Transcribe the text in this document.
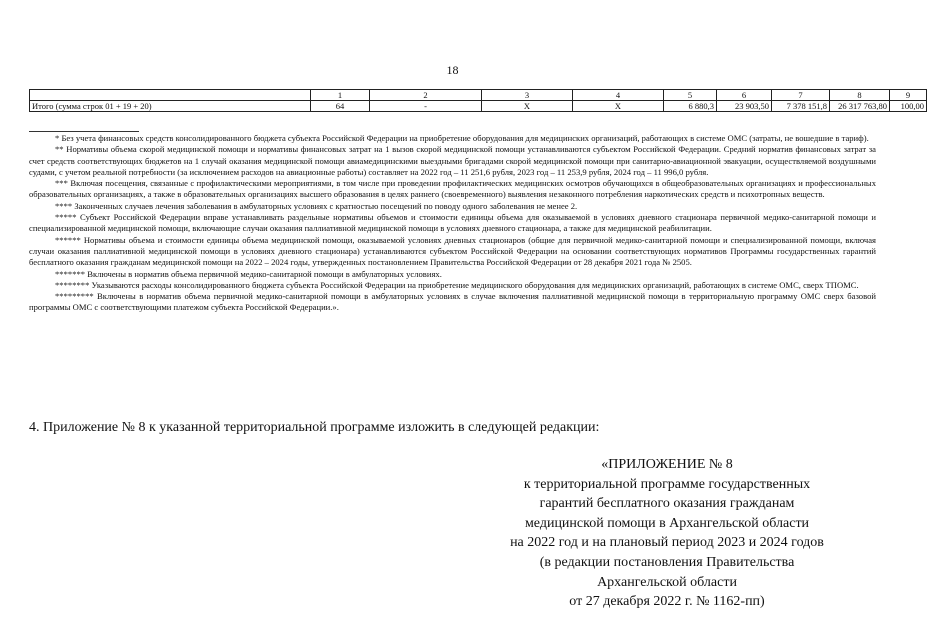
18
	1	2	3	4	5	6	7	8	9
Итого (сумма строк 01 + 19 + 20)	64	-	X	X	6 880,3	23 903,50	7 378 151,8	26 317 763,80	100,00

* Без учета финансовых средств консолидированного бюджета субъекта Российской Федерации на приобретение оборудования для медицинских организаций, работающих в системе ОМС (затраты, не вошедшие в тариф).

** Нормативы объема скорой медицинской помощи и нормативы финансовых затрат на 1 вызов скорой медицинской помощи устанавливаются субъектом Российской Федерации. Средний норматив финансовых затрат за счет средств соответствующих бюджетов на 1 случай оказания медицинской помощи авиамедицинскими выездными бригадами скорой медицинской помощи при санитарно-авиационной эвакуации, осуществляемой воздушными судами, с учетом реальной потребности (за исключением расходов на авиационные работы) составляет на 2022 год – 11 251,6 рубля, 2023 год – 11 253,9 рубля, 2024 год – 11 996,0 рубля.

*** Включая посещения, связанные с профилактическими мероприятиями, в том числе при проведении профилактических медицинских осмотров обучающихся в общеобразовательных организациях и профессиональных образовательных организациях, а также в образовательных организациях высшего образования в целях раннего (своевременного) выявления незаконного потребления наркотических средств и психотропных веществ.

**** Законченных случаев лечения заболевания в амбулаторных условиях с кратностью посещений по поводу одного заболевания не менее 2.

***** Субъект Российской Федерации вправе устанавливать раздельные нормативы объемов и стоимости единицы объема для оказываемой в условиях дневного стационара первичной медико-санитарной помощи и специализированной медицинской помощи, включающие случаи оказания паллиативной медицинской помощи в условиях дневного стационара, а также для медицинской реабилитации.

****** Нормативы объема и стоимости единицы объема медицинской помощи, оказываемой условиях дневных стационаров (общие для первичной медико-санитарной помощи и специализированной помощи, включая случаи оказания паллиативной медицинской помощи в условиях дневного стационара) устанавливаются субъектом Российской Федерации на основании соответствующих нормативов Программы государственных гарантий бесплатного оказания гражданам медицинской помощи на 2022 – 2024 годы, утвержденных постановлением Правительства Российской Федерации от 28 декабря 2021 года № 2505.

******* Включены в норматив объема первичной медико-санитарной помощи в амбулаторных условиях.

******** Указываются расходы консолидированного бюджета субъекта Российской Федерации на приобретение медицинского оборудования для медицинских организаций, работающих в системе ОМС, сверх ТПОМС.

********* Включены в норматив объема первичной медико-санитарной помощи в амбулаторных условиях в случае включения паллиативной медицинской помощи в территориальную программу ОМС сверх базовой программы ОМС с соответствующими платежом субъекта Российской Федерации.».

4. Приложение № 8 к указанной территориальной программе изложить в следующей редакции:
«ПРИЛОЖЕНИЕ № 8
к территориальной программе государственных
гарантий бесплатного оказания гражданам
медицинской помощи в Архангельской области
на 2022 год и на плановый период 2023 и 2024 годов
(в редакции постановления Правительства
Архангельской области
от 27 декабря 2022 г. № 1162-пп)
